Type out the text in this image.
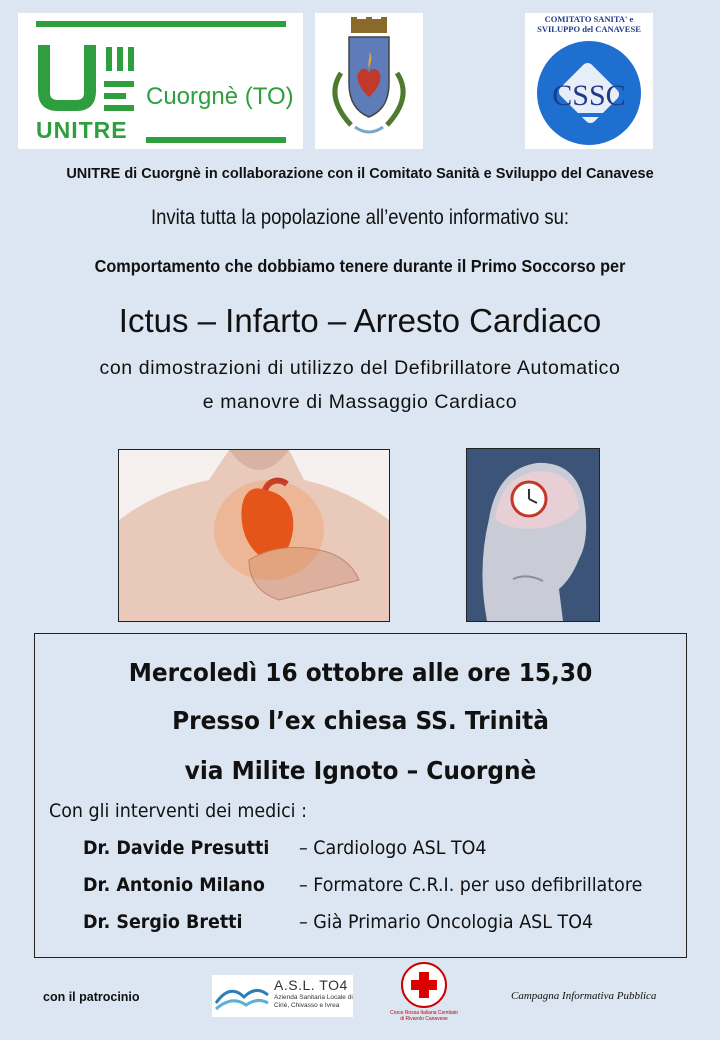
Cuorgnè (TO)
UNITRE
COMITATO SANITA' e SVILUPPO del CANAVESE
CSSC
UNITRE di Cuorgnè in collaborazione con il Comitato Sanità e Sviluppo del Canavese
Invita tutta la popolazione all’evento informativo su:
Comportamento che dobbiamo tenere durante il Primo Soccorso per
Ictus – Infarto – Arresto Cardiaco
con dimostrazioni di utilizzo del Defibrillatore Automatico
e manovre di Massaggio Cardiaco
Mercoledì 16 ottobre alle ore 15,30
Presso l’ex chiesa SS. Trinità
via Milite Ignoto – Cuorgnè
Con gli interventi dei medici :
Dr. Davide Presutti – Cardiologo ASL TO4
Dr. Antonio Milano – Formatore C.R.I. per uso defibrillatore
Dr. Sergio Bretti	– Già Primario Oncologia ASL TO4
con il patrocinio
A.S.L. TO4
Azienda Sanitaria Locale di Ciriè, Chivasso e Ivrea
Croce Rossa Italiana Comitato di Rivarolo Canavese
Campagna Informativa Pubblica
